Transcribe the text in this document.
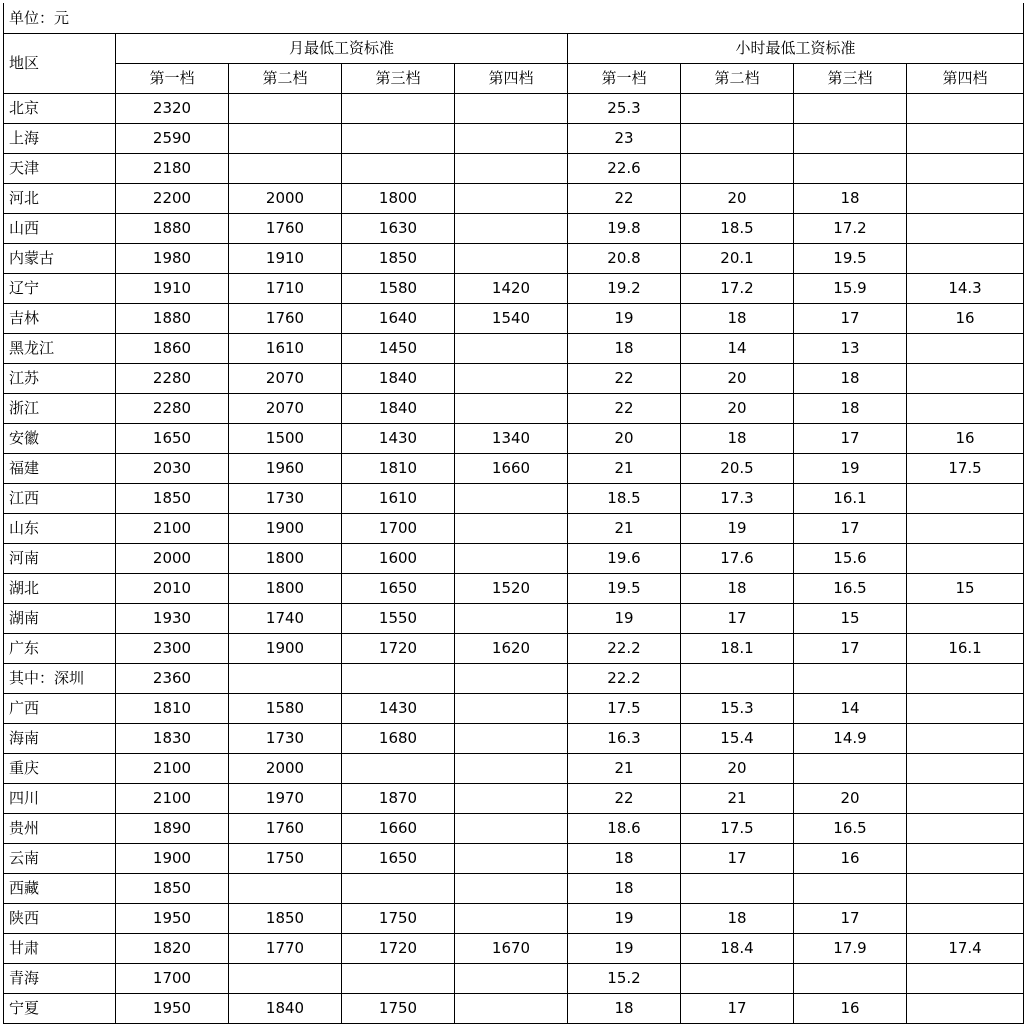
单位：元								
地区	月最低工资标准				小时最低工资标准			
	第一档	第二档	第三档	第四档	第一档	第二档	第三档	第四档
北京	2320				25.3			
上海	2590				23			
天津	2180				22.6			
河北	2200	2000	1800		22	20	18	
山西	1880	1760	1630		19.8	18.5	17.2	
内蒙古	1980	1910	1850		20.8	20.1	19.5	
辽宁	1910	1710	1580	1420	19.2	17.2	15.9	14.3
吉林	1880	1760	1640	1540	19	18	17	16
黑龙江	1860	1610	1450		18	14	13	
江苏	2280	2070	1840		22	20	18	
浙江	2280	2070	1840		22	20	18	
安徽	1650	1500	1430	1340	20	18	17	16
福建	2030	1960	1810	1660	21	20.5	19	17.5
江西	1850	1730	1610		18.5	17.3	16.1	
山东	2100	1900	1700		21	19	17	
河南	2000	1800	1600		19.6	17.6	15.6	
湖北	2010	1800	1650	1520	19.5	18	16.5	15
湖南	1930	1740	1550		19	17	15	
广东	2300	1900	1720	1620	22.2	18.1	17	16.1
其中：深圳	2360				22.2			
广西	1810	1580	1430		17.5	15.3	14	
海南	1830	1730	1680		16.3	15.4	14.9	
重庆	2100	2000			21	20		
四川	2100	1970	1870		22	21	20	
贵州	1890	1760	1660		18.6	17.5	16.5	
云南	1900	1750	1650		18	17	16	
西藏	1850				18			
陕西	1950	1850	1750		19	18	17	
甘肃	1820	1770	1720	1670	19	18.4	17.9	17.4
青海	1700				15.2			
宁夏	1950	1840	1750		18	17	16	
